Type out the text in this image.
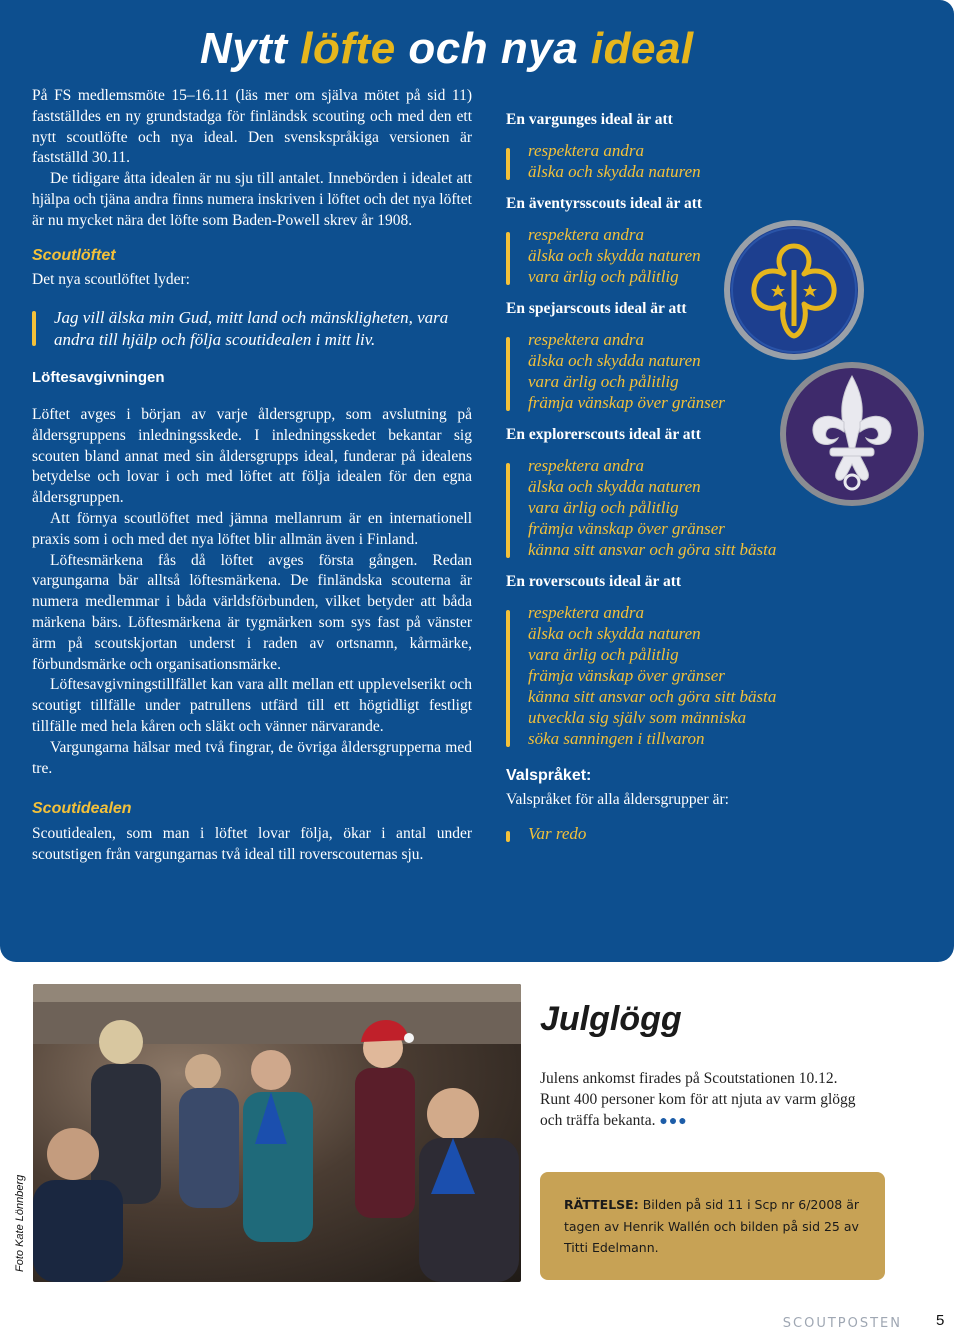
Nytt löfte och nya ideal

På FS medlemsmöte 15–16.11 (läs mer om själva mötet på sid 11) fastställdes en ny grundstadga för finländsk scouting och med den ett nytt scoutlöfte och nya ideal. Den svenskspråkiga versionen är fastställd 30.11.

De tidigare åtta idealen är nu sju till antalet. Innebörden i idealet att hjälpa och tjäna andra finns numera inskriven i löftet och det nya löftet är nu mycket nära det löfte som Baden-Powell skrev år 1908.

Scoutlöftet

Det nya scoutlöftet lyder:

Jag vill älska min Gud, mitt land och mänskligheten, vara andra till hjälp och följa scoutidealen i mitt liv.
Löftesavgivningen

Löftet avges i början av varje åldersgrupp, som avslutning på åldersgruppens inledningsskede. I inledningsskedet bekantar sig scouten bland annat med sin åldersgrupps ideal, funderar på idealens betydelse och lovar i och med löftet att följa idealen för den egna åldersgruppen.

Att förnya scoutlöftet med jämna mellanrum är en internationell praxis som i och med det nya löftet blir allmän även i Finland.

Löftesmärkena fås då löftet avges första gången. Redan vargungarna bär alltså löftesmärkena. De finländska scouterna är numera medlemmar i båda världsförbunden, vilket betyder att båda märkena bärs. Löftesmärkena är tygmärken som sys fast på vänster ärm på scoutskjortan underst i raden av ortsnamn, kårmärke, förbundsmärke och organisationsmärke.

Löftesavgivningstillfället kan vara allt mellan ett upplevelserikt och scoutigt tillfälle under patrullens utfärd till ett högtidligt festligt tillfälle med hela kåren och släkt och vänner närvarande.

Vargungarna hälsar med två fingrar, de övriga åldersgrupperna med tre.

Scoutidealen

Scoutidealen, som man i löftet lovar följa, ökar i antal under scoutstigen från vargungarnas två ideal till roverscouternas sju.

En vargunges ideal är att

respektera andra
älska och skydda naturen

En äventyrsscouts ideal är att

respektera andra
älska och skydda naturen
vara ärlig och pålitlig

En spejarscouts ideal är att

respektera andra
älska och skydda naturen
vara ärlig och pålitlig
främja vänskap över gränser

En explorerscouts ideal är att

respektera andra
älska och skydda naturen
vara ärlig och pålitlig
främja vänskap över gränser
känna sitt ansvar och göra sitt bästa

En roverscouts ideal är att

respektera andra
älska och skydda naturen
vara ärlig och pålitlig
främja vänskap över gränser
känna sitt ansvar och göra sitt bästa
utveckla sig själv som människa
söka sanningen i tillvaron
Valspråket:

Valspråket för alla åldersgrupper är:

Var redo
Foto Kate Lönnberg
Julglögg

Julens ankomst firades på Scoutstationen 10.12. Runt 400 personer kom för att njuta av varm glögg och träffa bekanta. ●●●

RÄTTELSE: Bilden på sid 11 i Scp nr 6/2008 är tagen av Henrik Wallén och bilden på sid 25 av Titti Edelmann.

SCOUTPOSTEN 5
